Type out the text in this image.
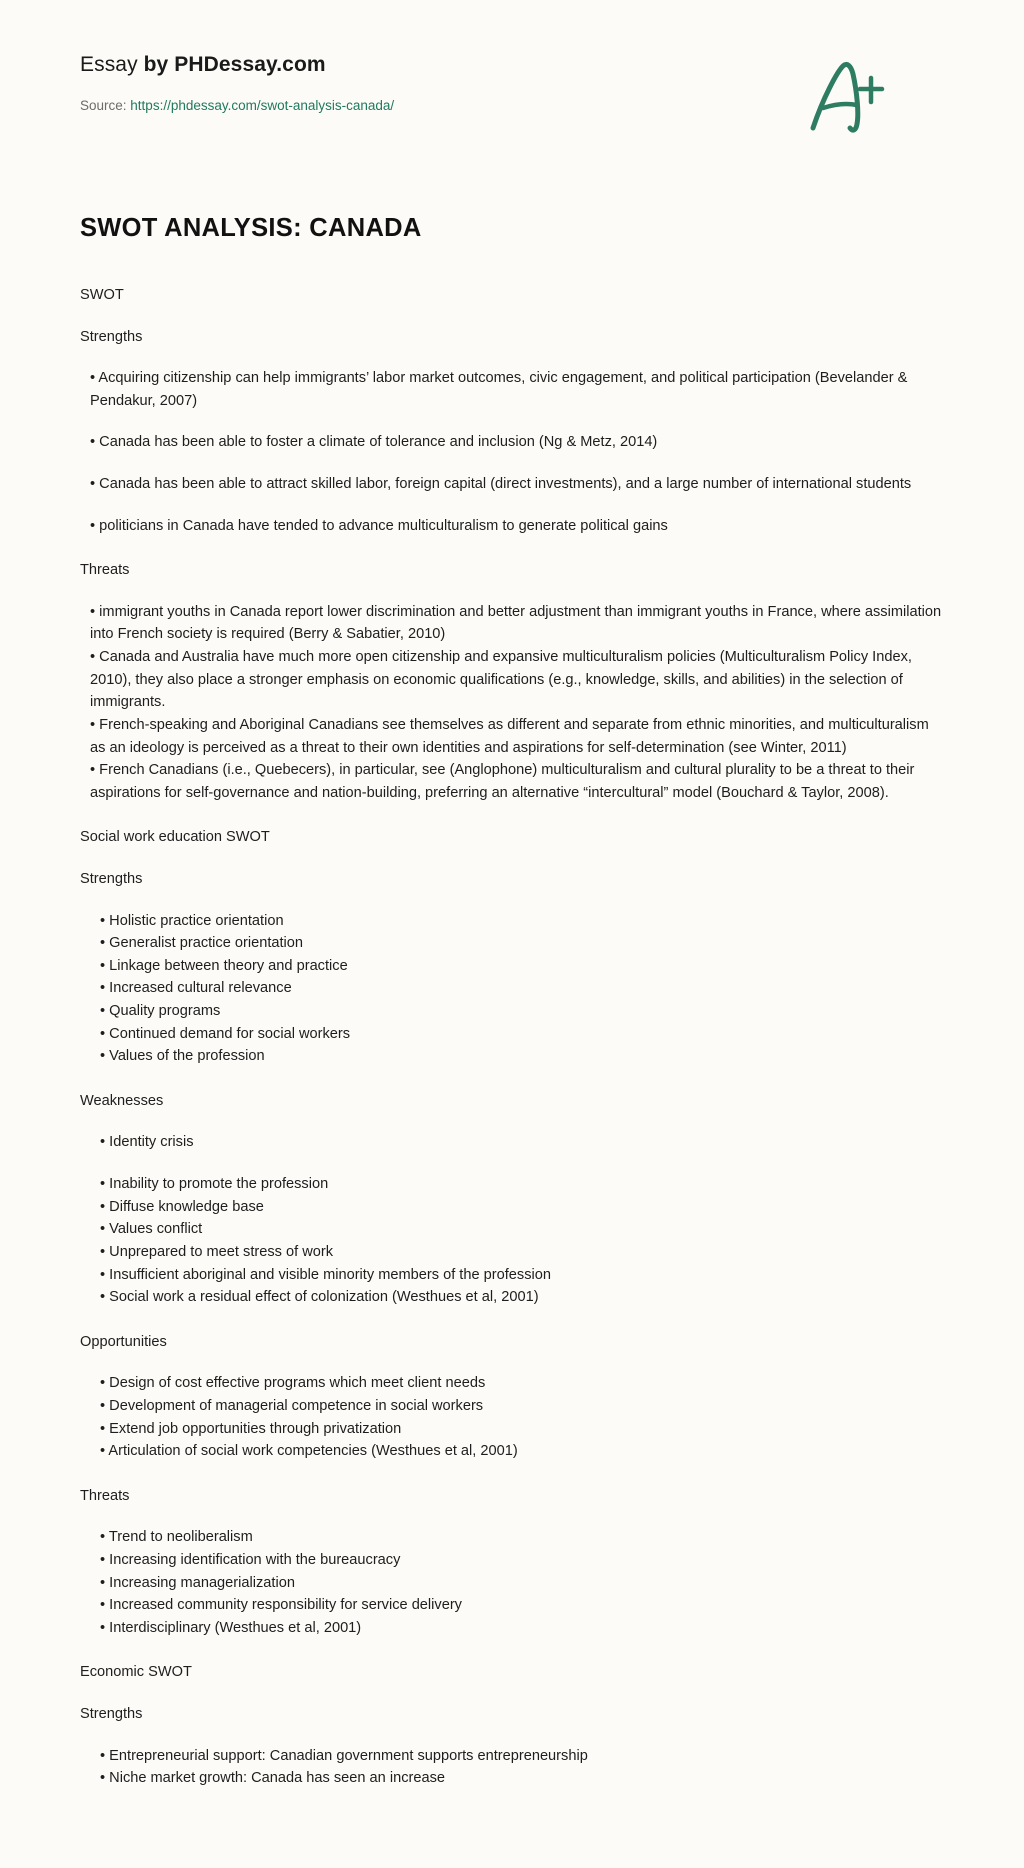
Essay by PHDessay.com
Source: https://phdessay.com/swot-analysis-canada/
SWOT ANALYSIS: CANADA

SWOT

Strengths

• Acquiring citizenship can help immigrants’ labor market outcomes, civic engagement, and political participation (Bevelander & Pendakur, 2007)

• Canada has been able to foster a climate of tolerance and inclusion (Ng & Metz, 2014)

• Canada has been able to attract skilled labor, foreign capital (direct investments), and a large number of international students

• politicians in Canada have tended to advance multiculturalism to generate political gains

Threats

• immigrant youths in Canada report lower discrimination and better adjustment than immigrant youths in France, where assimilation into French society is required (Berry & Sabatier, 2010)

• Canada and Australia have much more open citizenship and expansive multiculturalism policies (Multiculturalism Policy Index, 2010), they also place a stronger emphasis on economic qualifications (e.g., knowledge, skills, and abilities) in the selection of immigrants.

• French-speaking and Aboriginal Canadians see themselves as different and separate from ethnic minorities, and multiculturalism as an ideology is perceived as a threat to their own identities and aspirations for self-determination (see Winter, 2011)

• French Canadians (i.e., Quebecers), in particular, see (Anglophone) multiculturalism and cultural plurality to be a threat to their aspirations for self-governance and nation-building, preferring an alternative “intercultural” model (Bouchard & Taylor, 2008).

Social work education SWOT

Strengths

• Holistic practice orientation

• Generalist practice orientation

• Linkage between theory and practice

• Increased cultural relevance

• Quality programs

• Continued demand for social workers

• Values of the profession

Weaknesses

• Identity crisis

• Inability to promote the profession

• Diffuse knowledge base

• Values conflict

• Unprepared to meet stress of work

• Insufficient aboriginal and visible minority members of the profession

• Social work a residual effect of colonization (Westhues et al, 2001)

Opportunities

• Design of cost effective programs which meet client needs

• Development of managerial competence in social workers

• Extend job opportunities through privatization

• Articulation of social work competencies (Westhues et al, 2001)

Threats

• Trend to neoliberalism

• Increasing identification with the bureaucracy

• Increasing managerialization

• Increased community responsibility for service delivery

• Interdisciplinary (Westhues et al, 2001)

Economic SWOT

Strengths

• Entrepreneurial support: Canadian government supports entrepreneurship

• Niche market growth: Canada has seen an increase
